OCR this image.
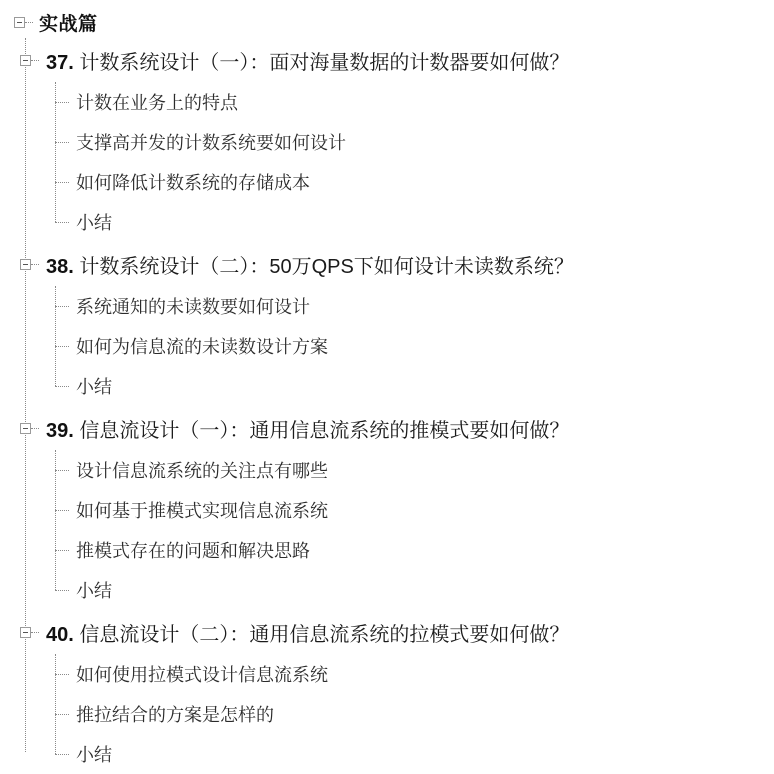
实战篇
37. 计数系统设计（一）：面对海量数据的计数器要如何做？
计数在业务上的特点
支撑高并发的计数系统要如何设计
如何降低计数系统的存储成本
小结
38. 计数系统设计（二）：50万QPS下如何设计未读数系统？
系统通知的未读数要如何设计
如何为信息流的未读数设计方案
小结
39. 信息流设计（一）：通用信息流系统的推模式要如何做？
设计信息流系统的关注点有哪些
如何基于推模式实现信息流系统
推模式存在的问题和解决思路
小结
40. 信息流设计（二）：通用信息流系统的拉模式要如何做？
如何使用拉模式设计信息流系统
推拉结合的方案是怎样的
小结
